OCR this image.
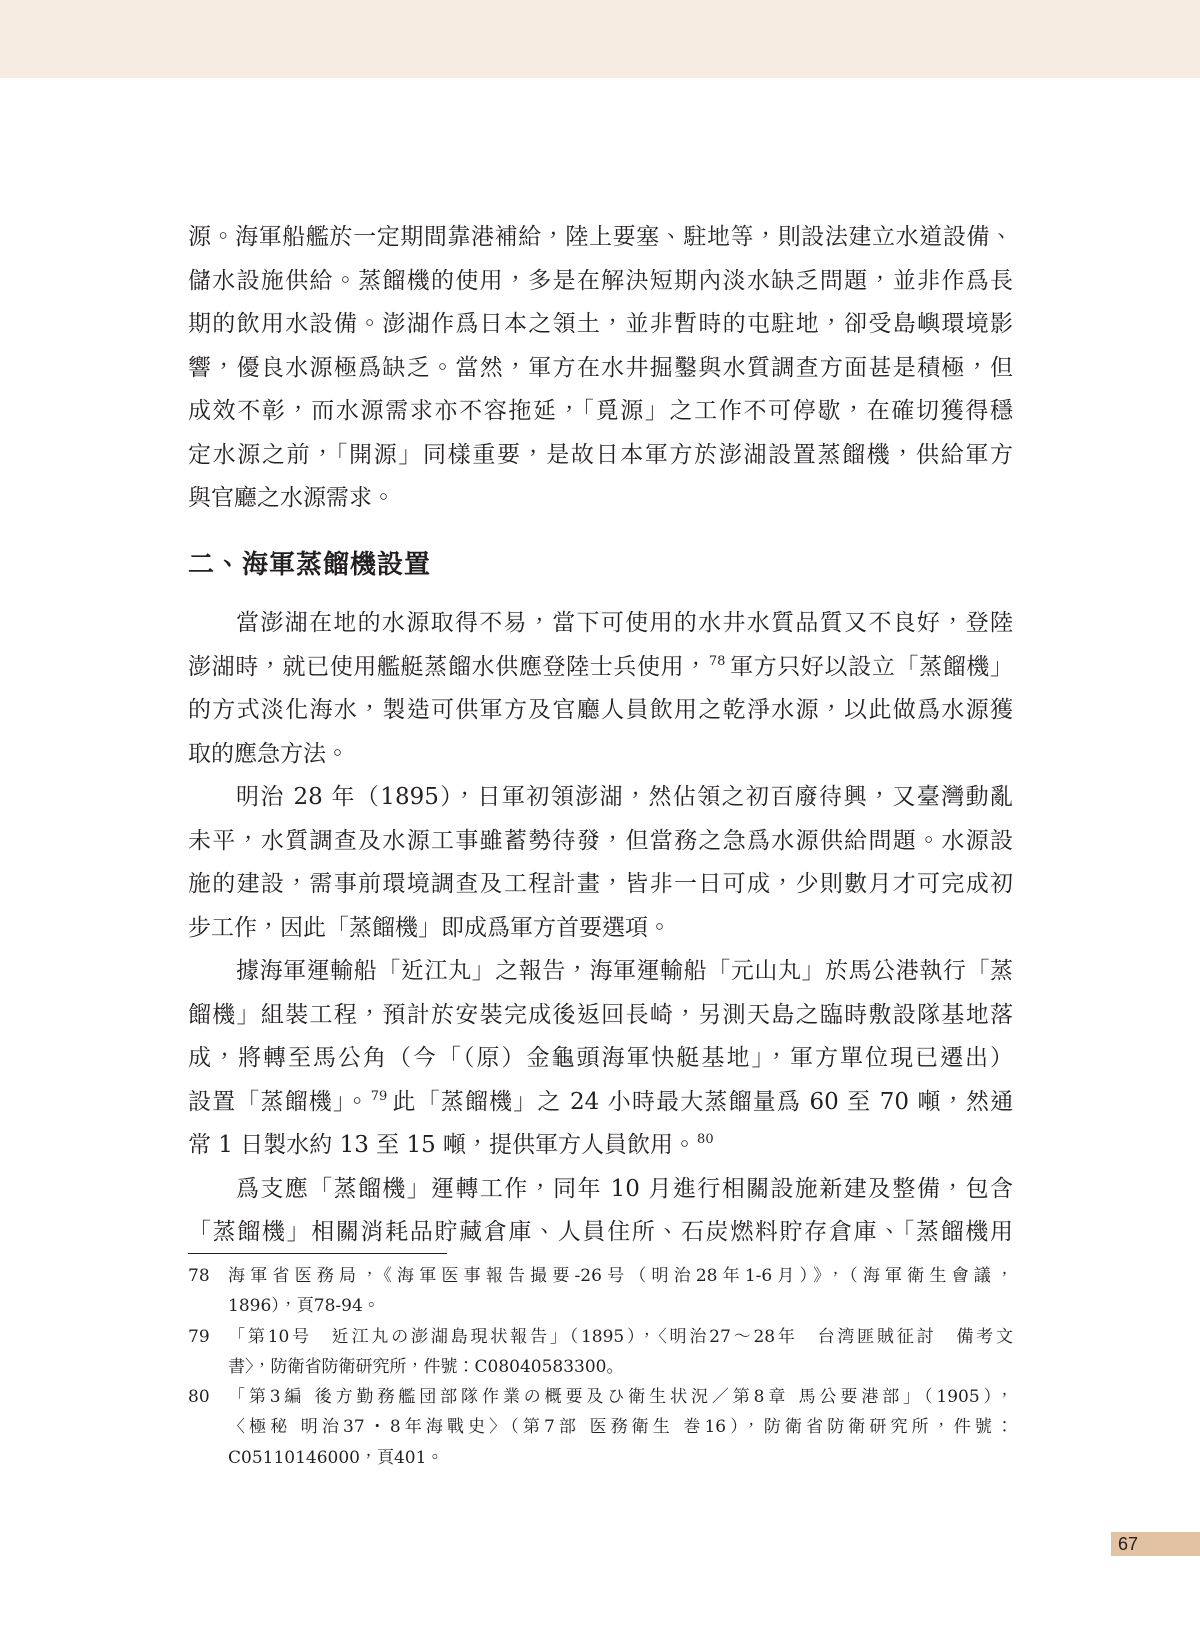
源。海軍船艦於一定期間靠港補給，陸上要塞、駐地等，則設法建立水道設備、
儲水設施供給。蒸餾機的使用，多是在解決短期內淡水缺乏問題，並非作爲長
期的飲用水設備。澎湖作爲日本之領土，並非暫時的屯駐地，卻受島嶼環境影
響，優良水源極爲缺乏。當然，軍方在水井掘鑿與水質調查方面甚是積極，但
成效不彰，而水源需求亦不容拖延，「覓源」之工作不可停歇，在確切獲得穩
定水源之前，「開源」同樣重要，是故日本軍方於澎湖設置蒸餾機，供給軍方
與官廳之水源需求。
二、海軍蒸餾機設置
當澎湖在地的水源取得不易，當下可使用的水井水質品質又不良好，登陸
澎湖時，就已使用艦艇蒸餾水供應登陸士兵使用，$^{78}$ 軍方只好以設立「蒸餾機」
的方式淡化海水，製造可供軍方及官廳人員飲用之乾淨水源，以此做爲水源獲
取的應急方法。
明治 28 年（1895），日軍初領澎湖，然佔領之初百廢待興，又臺灣動亂
未平，水質調查及水源工事雖蓄勢待發，但當務之急爲水源供給問題。水源設
施的建設，需事前環境調查及工程計畫，皆非一日可成，少則數月才可完成初
步工作，因此「蒸餾機」即成爲軍方首要選項。
據海軍運輸船「近江丸」之報告，海軍運輸船「元山丸」於馬公港執行「蒸
餾機」組裝工程，預計於安裝完成後返回長崎，另測天島之臨時敷設隊基地落
成，將轉至馬公角（今「（原）金龜頭海軍快艇基地」，軍方單位現已遷出）
設置「蒸餾機」。$^{79}$ 此「蒸餾機」之 24 小時最大蒸餾量爲 60 至 70 噸，然通
常 1 日製水約 13 至 15 噸，提供軍方人員飲用。$^{80}$
爲支應「蒸餾機」運轉工作，同年 10 月進行相關設施新建及整備，包含
「蒸餾機」相關消耗品貯藏倉庫、人員住所、石炭燃料貯存倉庫、「蒸餾機用
78	海軍省医務局，《海軍医事報告撮要-26号（明治28年1-6月）》，（海軍衛生會議，
1896），頁78-94。
79	「第10号　近江丸の澎湖島現状報告」（1895），〈明治27～28年　台湾匪賊征討　備考文
書〉，防衛省防衛研究所，件號：C08040583300。
80	「第3編 後方勤務艦団部隊作業の概要及ひ衛生状況／第8章 馬公要港部」（1905），
〈極秘 明治37・8年海戰史〉（第7部 医務衛生 巻16），防衛省防衛研究所，件號：
C05110146000，頁401。
67
